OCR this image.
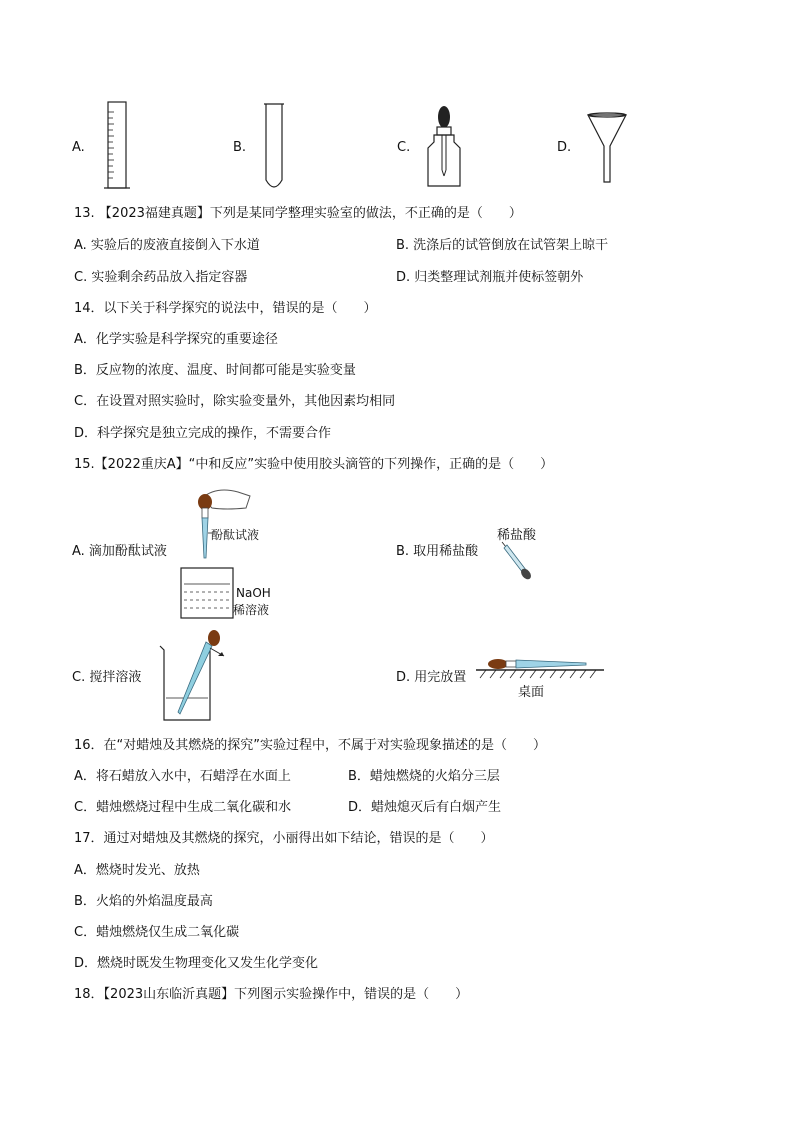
A.	B.	C.	D.
13. 【2023福建真题】下列是某同学整理实验室的做法，不正确的是（　　）
A. 实验后的废液直接倒入下水道	B. 洗涤后的试管倒放在试管架上晾干
C. 实验剩余药品放入指定容器	D. 归类整理试剂瓶并使标签朝外
14．以下关于科学探究的说法中，错误的是（　　）
A．化学实验是科学探究的重要途径
B．反应物的浓度、温度、时间都可能是实验变量
C．在设置对照实验时，除实验变量外，其他因素均相同
D．科学探究是独立完成的操作，不需要合作
15.【2022重庆A】“中和反应”实验中使用胶头滴管的下列操作，正确的是（　　）
A. 滴加酚酞试液
酚酞试液
NaOH
稀溶液
B. 取用稀盐酸
稀盐酸
C. 搅拌溶液	D. 用完放置
桌面
16．在“对蜡烛及其燃烧的探究”实验过程中，不属于对实验现象描述的是（　　）
A．将石蜡放入水中，石蜡浮在水面上	B．蜡烛燃烧的火焰分三层
C．蜡烛燃烧过程中生成二氧化碳和水	D．蜡烛熄灭后有白烟产生
17．通过对蜡烛及其燃烧的探究，小丽得出如下结论，错误的是（　　）
A．燃烧时发光、放热
B．火焰的外焰温度最高
C．蜡烛燃烧仅生成二氧化碳
D．燃烧时既发生物理变化又发生化学变化
18．【2023山东临沂真题】下列图示实验操作中，错误的是（　　）
